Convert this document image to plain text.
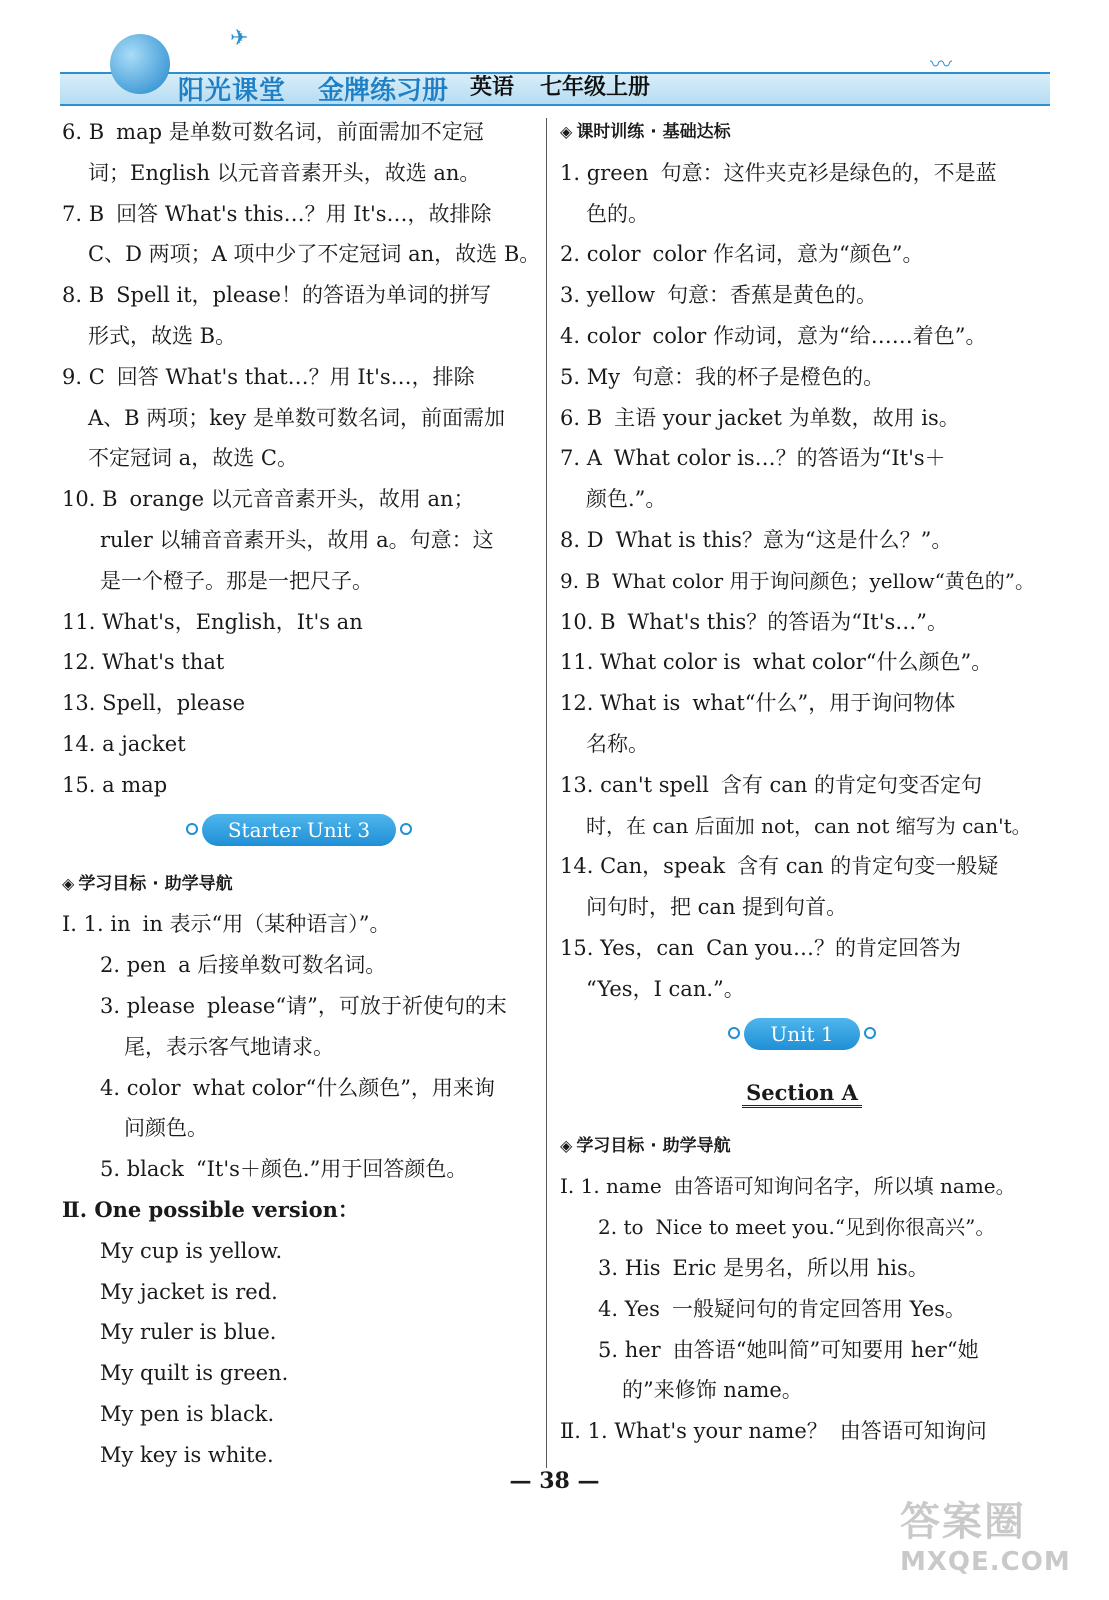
✈
〰
阳光课堂 金牌练习册 英语 七年级上册
6. B map 是单数可数名词，前面需加不定冠
词；English 以元音音素开头，故选 an。
7. B 回答 What's this…？用 It's…，故排除
C、D 两项；A 项中少了不定冠词 an，故选 B。
8. B Spell it，please！的答语为单词的拼写
形式，故选 B。
9. C 回答 What's that…？用 It's…，排除
A、B 两项；key 是单数可数名词，前面需加
不定冠词 a，故选 C。
10. B orange 以元音音素开头，故用 an；
ruler 以辅音音素开头，故用 a。句意：这
是一个橙子。那是一把尺子。
11. What's，English，It's an
12. What's that
13. Spell，please
14. a jacket
15. a map
Starter Unit 3
◈ 学习目标 · 助学导航
Ⅰ. 1. in in 表示“用（某种语言）”。
2. pen a 后接单数可数名词。
3. please please“请”，可放于祈使句的末
尾，表示客气地请求。
4. color what color“什么颜色”，用来询
问颜色。
5. black “It's＋颜色.”用于回答颜色。
Ⅱ. One possible version：
My cup is yellow.
My jacket is red.
My ruler is blue.
My quilt is green.
My pen is black.
My key is white.
◈ 课时训练 · 基础达标
1. green 句意：这件夹克衫是绿色的，不是蓝
色的。
2. color color 作名词，意为“颜色”。
3. yellow 句意：香蕉是黄色的。
4. color color 作动词，意为“给……着色”。
5. My 句意：我的杯子是橙色的。
6. B 主语 your jacket 为单数，故用 is。
7. A What color is…？的答语为“It's＋
颜色.”。
8. D What is this？意为“这是什么？”。
9. B What color 用于询问颜色；yellow“黄色的”。
10. B What's this？的答语为“It's…”。
11. What color is what color“什么颜色”。
12. What is what“什么”，用于询问物体
名称。
13. can't spell 含有 can 的肯定句变否定句
时，在 can 后面加 not，can not 缩写为 can't。
14. Can，speak 含有 can 的肯定句变一般疑
问句时，把 can 提到句首。
15. Yes，can Can you…？的肯定回答为
“Yes，I can.”。
Unit 1
Section A
◈ 学习目标 · 助学导航
Ⅰ. 1. name 由答语可知询问名字，所以填 name。
2. to Nice to meet you.“见到你很高兴”。
3. His Eric 是男名，所以用 his。
4. Yes 一般疑问句的肯定回答用 Yes。
5. her 由答语“她叫简”可知要用 her“她
的”来修饰 name。
Ⅱ. 1. What's your name？ 由答语可知询问
— 38 —
答案圈
MXQE.COM
